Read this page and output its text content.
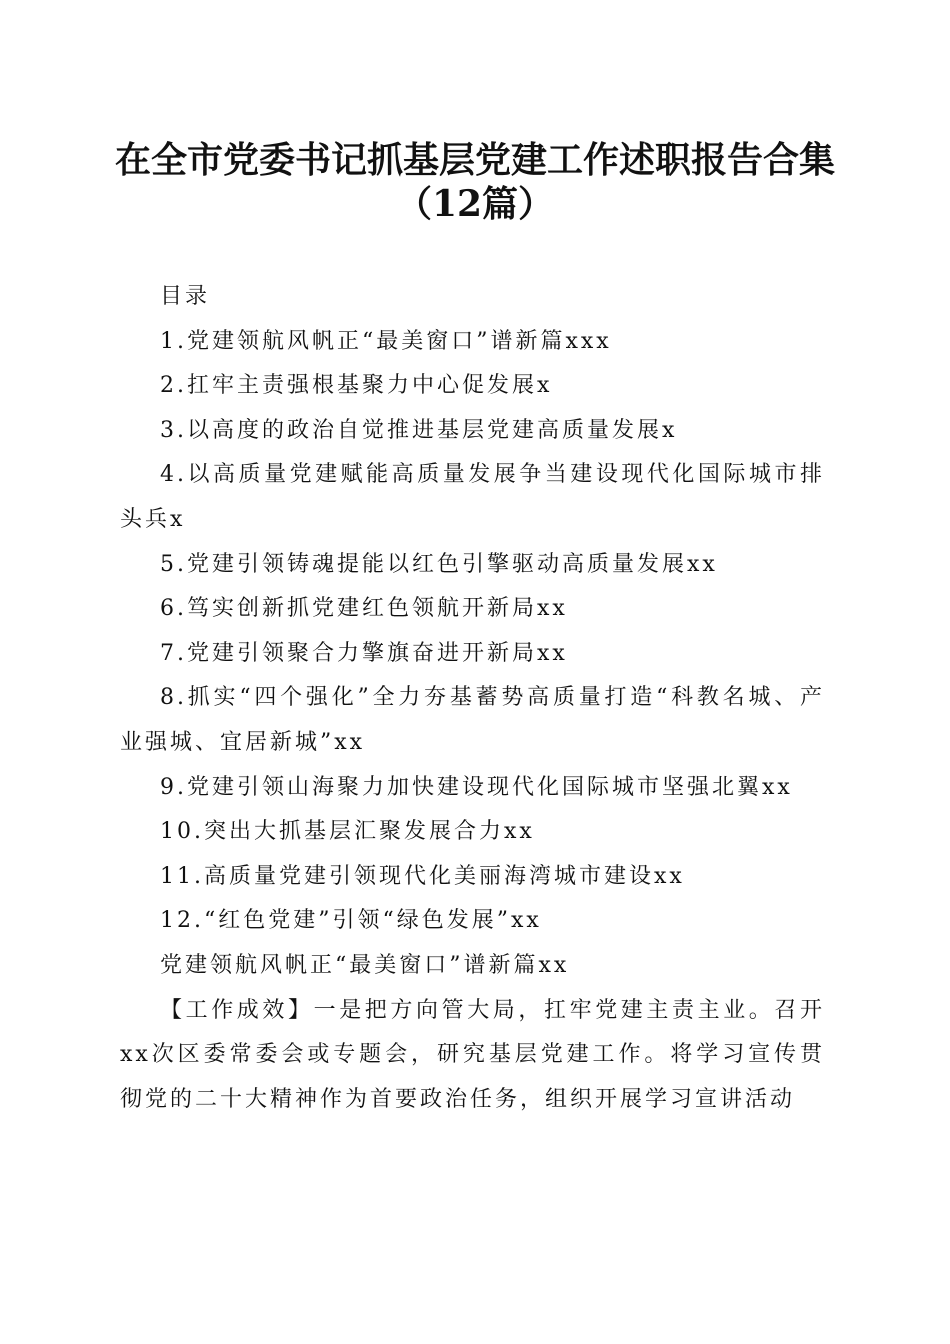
在全市党委书记抓基层党建工作述职报告合集
（12篇）

目录

1.党建领航风帆正“最美窗口”谱新篇xxx

2.扛牢主责强根基聚力中心促发展x

3.以高度的政治自觉推进基层党建高质量发展x

4.以高质量党建赋能高质量发展争当建设现代化国际城市排头兵x

5.党建引领铸魂提能以红色引擎驱动高质量发展xx

6.笃实创新抓党建红色领航开新局xx

7.党建引领聚合力擎旗奋进开新局xx

8.抓实“四个强化”全力夯基蓄势高质量打造“科教名城、产业强城、宜居新城”xx

9.党建引领山海聚力加快建设现代化国际城市坚强北翼xx

10.突出大抓基层汇聚发展合力xx

11.高质量党建引领现代化美丽海湾城市建设xx

12.“红色党建”引领“绿色发展”xx

党建领航风帆正“最美窗口”谱新篇xx

【工作成效】一是把方向管大局，扛牢党建主责主业。召开xx次区委常委会或专题会，研究基层党建工作。将学习宣传贯彻党的二十大精神作为首要政治任务，组织开展学习宣讲活动
